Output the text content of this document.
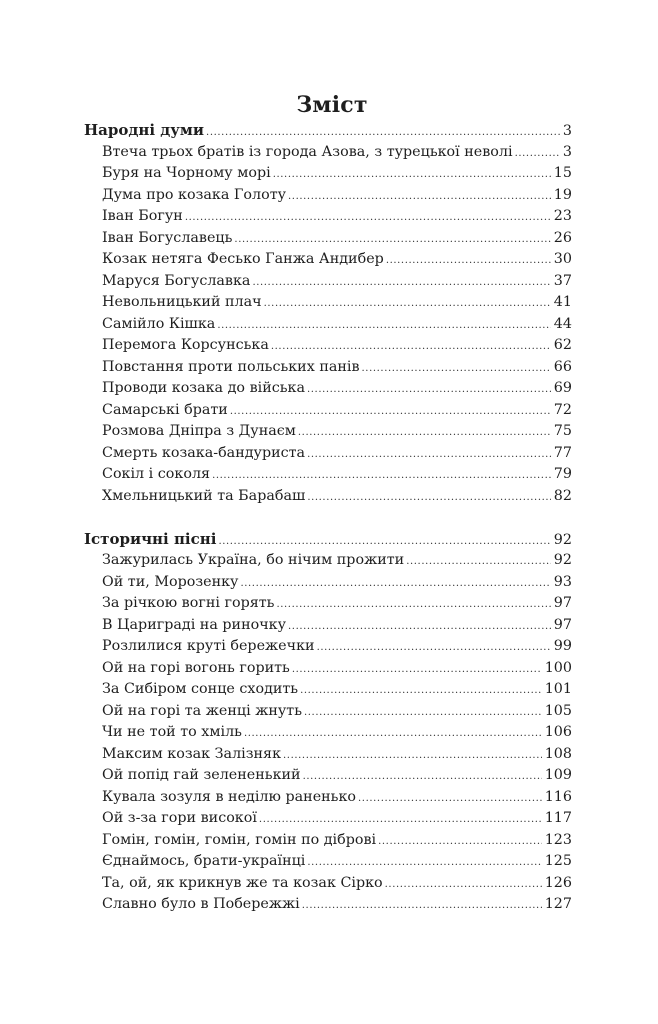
Зміст
Народні думи .....	3
Втеча трьох братів із города Азова, з турецької неволі .....	3
Буря на Чорному морі .....	15
Дума про козака Голоту .....	19
Іван Богун .....	23
Іван Богуславець .....	26
Козак нетяга Фесько Ганжа Андибер .....	30
Маруся Богуславка .....	37
Невольницький плач .....	41
Самійло Кішка .....	44
Перемога Корсунська .....	62
Повстання проти польських панів .....	66
Проводи козака до війська .....	69
Самарські брати .....	72
Розмова Дніпра з Дунаєм .....	75
Смерть козака-бандуриста .....	77
Сокіл і соколя .....	79
Хмельницький та Барабаш .....	82
Історичні пісні .....	92
Зажурилась Україна, бо нічим прожити .....	92
Ой ти, Морозенку .....	93
За річкою вогні горять .....	97
В Цариграді на риночку .....	97
Розлилися круті бережечки .....	99
Ой на горі вогонь горить .....	100
За Сибіром сонце сходить .....	101
Ой на горі та женці жнуть .....	105
Чи не той то хміль .....	106
Максим козак Залізняк .....	108
Ой попід гай зелененький .....	109
Кувала зозуля в неділю раненько .....	116
Ой з-за гори високої .....	117
Гомін, гомін, гомін, гомін по діброві .....	123
Єднаймось, брати-українці .....	125
Та, ой, як крикнув же та козак Сірко .....	126
Славно було в Побережжі .....	127
